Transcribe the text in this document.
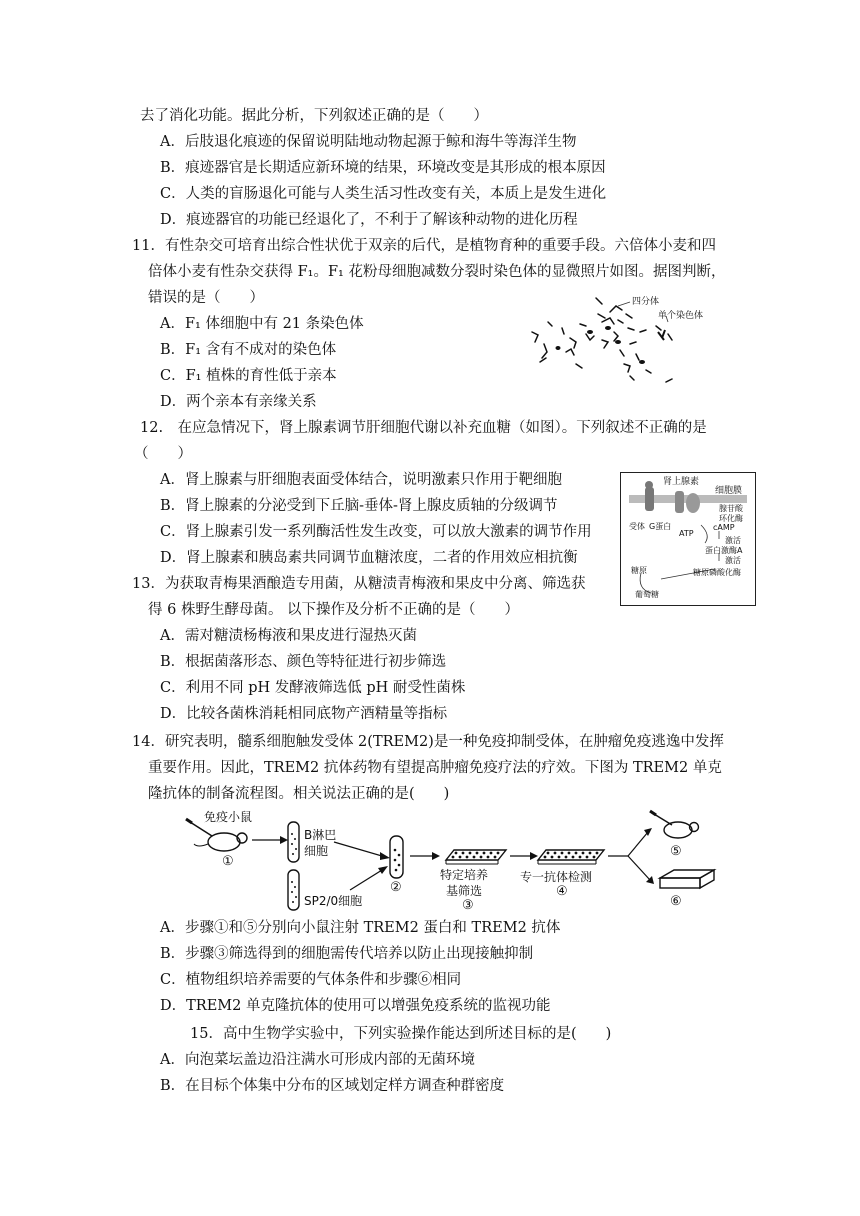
去了消化功能。据此分析，下列叙述正确的是（　　）
A．后肢退化痕迹的保留说明陆地动物起源于鲸和海牛等海洋生物
B．痕迹器官是长期适应新环境的结果，环境改变是其形成的根本原因
C．人类的盲肠退化可能与人类生活习性改变有关，本质上是发生进化
D．痕迹器官的功能已经退化了，不利于了解该种动物的进化历程
11．有性杂交可培育出综合性状优于双亲的后代，是植物育种的重要手段。六倍体小麦和四
倍体小麦有性杂交获得 F₁。F₁ 花粉母细胞减数分裂时染色体的显微照片如图。据图判断，
错误的是（　　）
A．F₁ 体细胞中有 21 条染色体
B．F₁ 含有不成对的染色体
C．F₁ 植株的育性低于亲本
D．两个亲本有亲缘关系
四分体
单个染色体
12.　在应急情况下，肾上腺素调节肝细胞代谢以补充血糖（如图）。下列叙述不正确的是
（　　）
A．肾上腺素与肝细胞表面受体结合，说明激素只作用于靶细胞
B．肾上腺素的分泌受到下丘脑-垂体-肾上腺皮质轴的分级调节
C．肾上腺素引发一系列酶活性发生改变，可以放大激素的调节作用
D．肾上腺素和胰岛素共同调节血糖浓度，二者的作用效应相抗衡
肾上腺素
细胞膜
腺苷酸
环化酶
受体 G蛋白
ATP
cAMP
激活
蛋白激酶A
激活
糖原	糖原磷酸化酶
葡萄糖
13．为获取青梅果酒酿造专用菌，从糖渍青梅液和果皮中分离、筛选获
得 6 株野生酵母菌。 以下操作及分析不正确的是（　　）
A．需对糖渍杨梅液和果皮进行湿热灭菌
B．根据菌落形态、颜色等特征进行初步筛选
C．利用不同 pH 发酵液筛选低 pH 耐受性菌株
D．比较各菌株消耗相同底物产酒精量等指标
14．研究表明，髓系细胞触发受体 2(TREM2)是一种免疫抑制受体，在肿瘤免疫逃逸中发挥
重要作用。因此，TREM2 抗体药物有望提高肿瘤免疫疗法的疗效。下图为 TREM2 单克
隆抗体的制备流程图。相关说法正确的是(　　)
免疫小鼠
①
B淋巴
细胞
SP2/0细胞
②
特定培养
基筛选
③
专一抗体检测
④
⑤
⑥
A．步骤①和⑤分别向小鼠注射 TREM2 蛋白和 TREM2 抗体
B．步骤③筛选得到的细胞需传代培养以防止出现接触抑制
C．植物组织培养需要的气体条件和步骤⑥相同
D．TREM2 单克隆抗体的使用可以增强免疫系统的监视功能
15．高中生物学实验中，下列实验操作能达到所述目标的是(　　)
A．向泡菜坛盖边沿注满水可形成内部的无菌环境
B．在目标个体集中分布的区域划定样方调查种群密度
